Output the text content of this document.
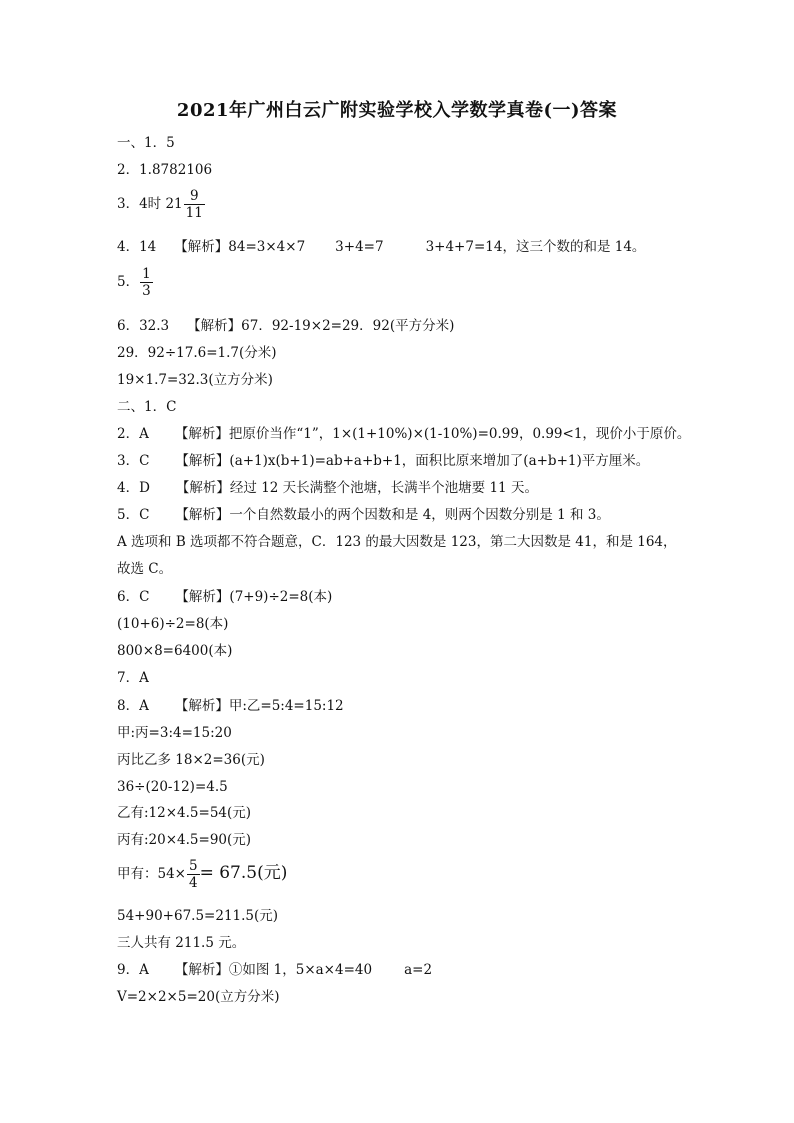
2021年广州白云广附实验学校入学数学真卷(一)答案
一、1．5
2．1.8782106
3．4时 $21 \frac{9}{11}$
4．14 【解析】84=3×4×7 3+4=7	3+4+7=14，这三个数的和是 14。
5． $\frac{1}{3}$
6．32.3 【解析】67．92-19×2=29．92(平方分米)
29．92÷17.6=1.7(分米)
19×1.7=32.3(立方分米)
二、1．C
2．A 【解析】把原价当作“1”，1×(1+10%)×(1-10%)=0.99，0.99<1，现价小于原价。
3．C 【解析】(a+1)x(b+1)=ab+a+b+1，面积比原来增加了(a+b+1)平方厘米。
4．D 【解析】经过 12 天长满整个池塘，长满半个池塘要 11 天。
5．C 【解析】一个自然数最小的两个因数和是 4，则两个因数分别是 1 和 3。
A 选项和 B 选项都不符合题意，C．123 的最大因数是 123，第二大因数是 41，和是 164，
故选 C。
6．C 【解析】(7+9)÷2=8(本)
(10+6)÷2=8(本)
800×8=6400(本)
7．A
8．A 【解析】甲:乙=5:4=15:12
甲:丙=3:4=15:20
丙比乙多 18×2=36(元)
36÷(20-12)=4.5
乙有:12×4.5=54(元)
丙有:20×4.5=90(元)
甲有：$54\times \frac{5}{4} = 67.5$(元)
54+90+67.5=211.5(元)
三人共有 211.5 元。
9．A 【解析】①如图 1，5×a×4=40 a=2
V=2×2×5=20(立方分米)
